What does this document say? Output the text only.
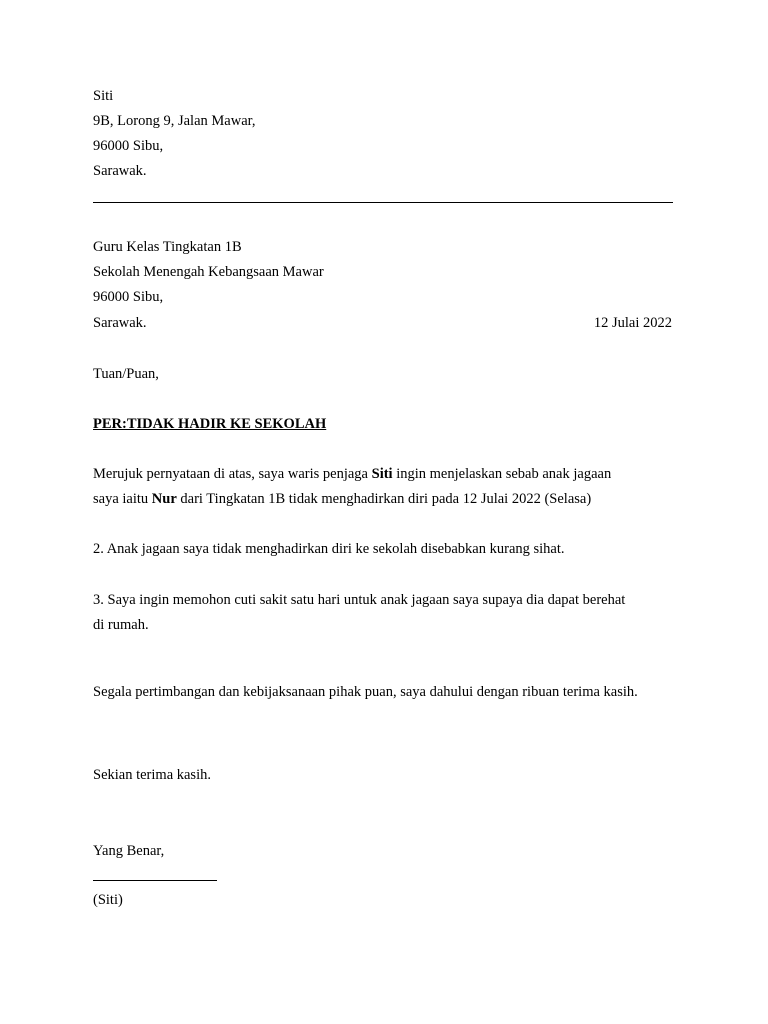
Siti
9B, Lorong 9, Jalan Mawar,
96000 Sibu,
Sarawak.
Guru Kelas Tingkatan 1B
Sekolah Menengah Kebangsaan Mawar
96000 Sibu,
Sarawak.	12 Julai 2022
Tuan/Puan,
PER:TIDAK HADIR KE SEKOLAH
Merujuk pernyataan di atas, saya waris penjaga Siti ingin menjelaskan sebab anak jagaan
saya iaitu Nur dari Tingkatan 1B tidak menghadirkan diri pada 12 Julai 2022 (Selasa)
2. Anak jagaan saya tidak menghadirkan diri ke sekolah disebabkan kurang sihat.
3. Saya ingin memohon cuti sakit satu hari untuk anak jagaan saya supaya dia dapat berehat
di rumah.
Segala pertimbangan dan kebijaksanaan pihak puan, saya dahului dengan ribuan terima kasih.
Sekian terima kasih.
Yang Benar,
(Siti)
